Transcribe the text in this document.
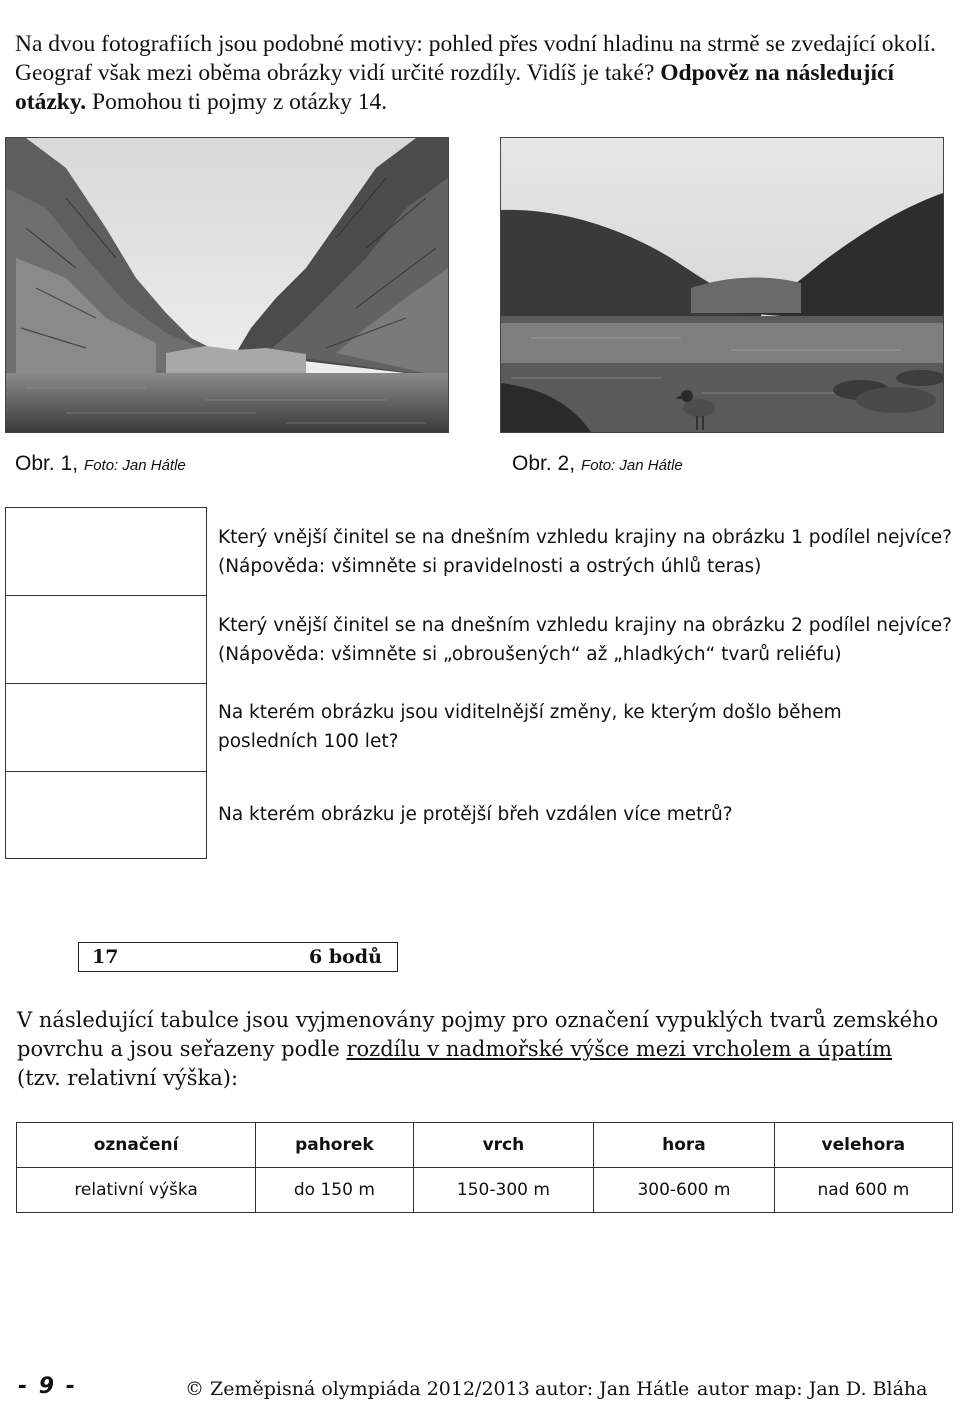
Na dvou fotografiích jsou podobné motivy: pohled přes vodní hladinu na strmě se zvedající okolí.
Geograf však mezi oběma obrázky vidí určité rozdíly. Vidíš je také? Odpověz na následující
otázky. Pomohou ti pojmy z otázky 14.
Obr. 1, Foto: Jan Hátle	Obr. 2, Foto: Jan Hátle
Který vnější činitel se na dnešním vzhledu krajiny na obrázku 1 podílel nejvíce?
(Nápověda: všimněte si pravidelnosti a ostrých úhlů teras)
Který vnější činitel se na dnešním vzhledu krajiny na obrázku 2 podílel nejvíce?
(Nápověda: všimněte si „obroušených“ až „hladkých“ tvarů reliéfu)
Na kterém obrázku jsou viditelnější změny, ke kterým došlo během
posledních 100 let?
Na kterém obrázku je protější břeh vzdálen více metrů?
17	6 bodů
V následující tabulce jsou vyjmenovány pojmy pro označení vypuklých tvarů zemského
povrchu a jsou seřazeny podle rozdílu v nadmořské výšce mezi vrcholem a úpatím
(tzv. relativní výška):
označení	pahorek	vrch	hora	velehora
relativní výška	do 150 m	150-300 m	300-600 m	nad 600 m
- 9 -	© Zeměpisná olympiáda 2012/2013 autor: Jan Hátle autor map: Jan D. Bláha
